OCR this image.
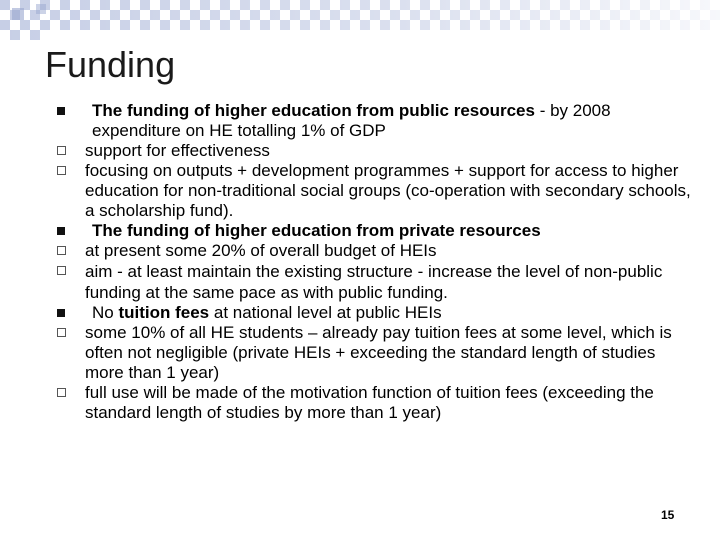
Funding
The funding of higher education from public resources - by 2008 expenditure on HE totalling 1% of GDP
support for effectiveness
focusing on outputs + development programmes + support for access to higher education for non-traditional social groups (co-operation with secondary schools, a scholarship fund).
The funding of higher education from private resources
at present some 20% of overall budget of HEIs
aim - at least maintain the existing structure - increase the level of non-public funding at the same pace as with public funding.
No tuition fees at national level at public HEIs
some 10% of all HE students – already pay tuition fees at some level, which is often not negligible (private HEIs + exceeding the standard length of studies more than 1 year)
full use will be made of the motivation function of tuition fees (exceeding the standard length of studies by more than 1 year)
15
